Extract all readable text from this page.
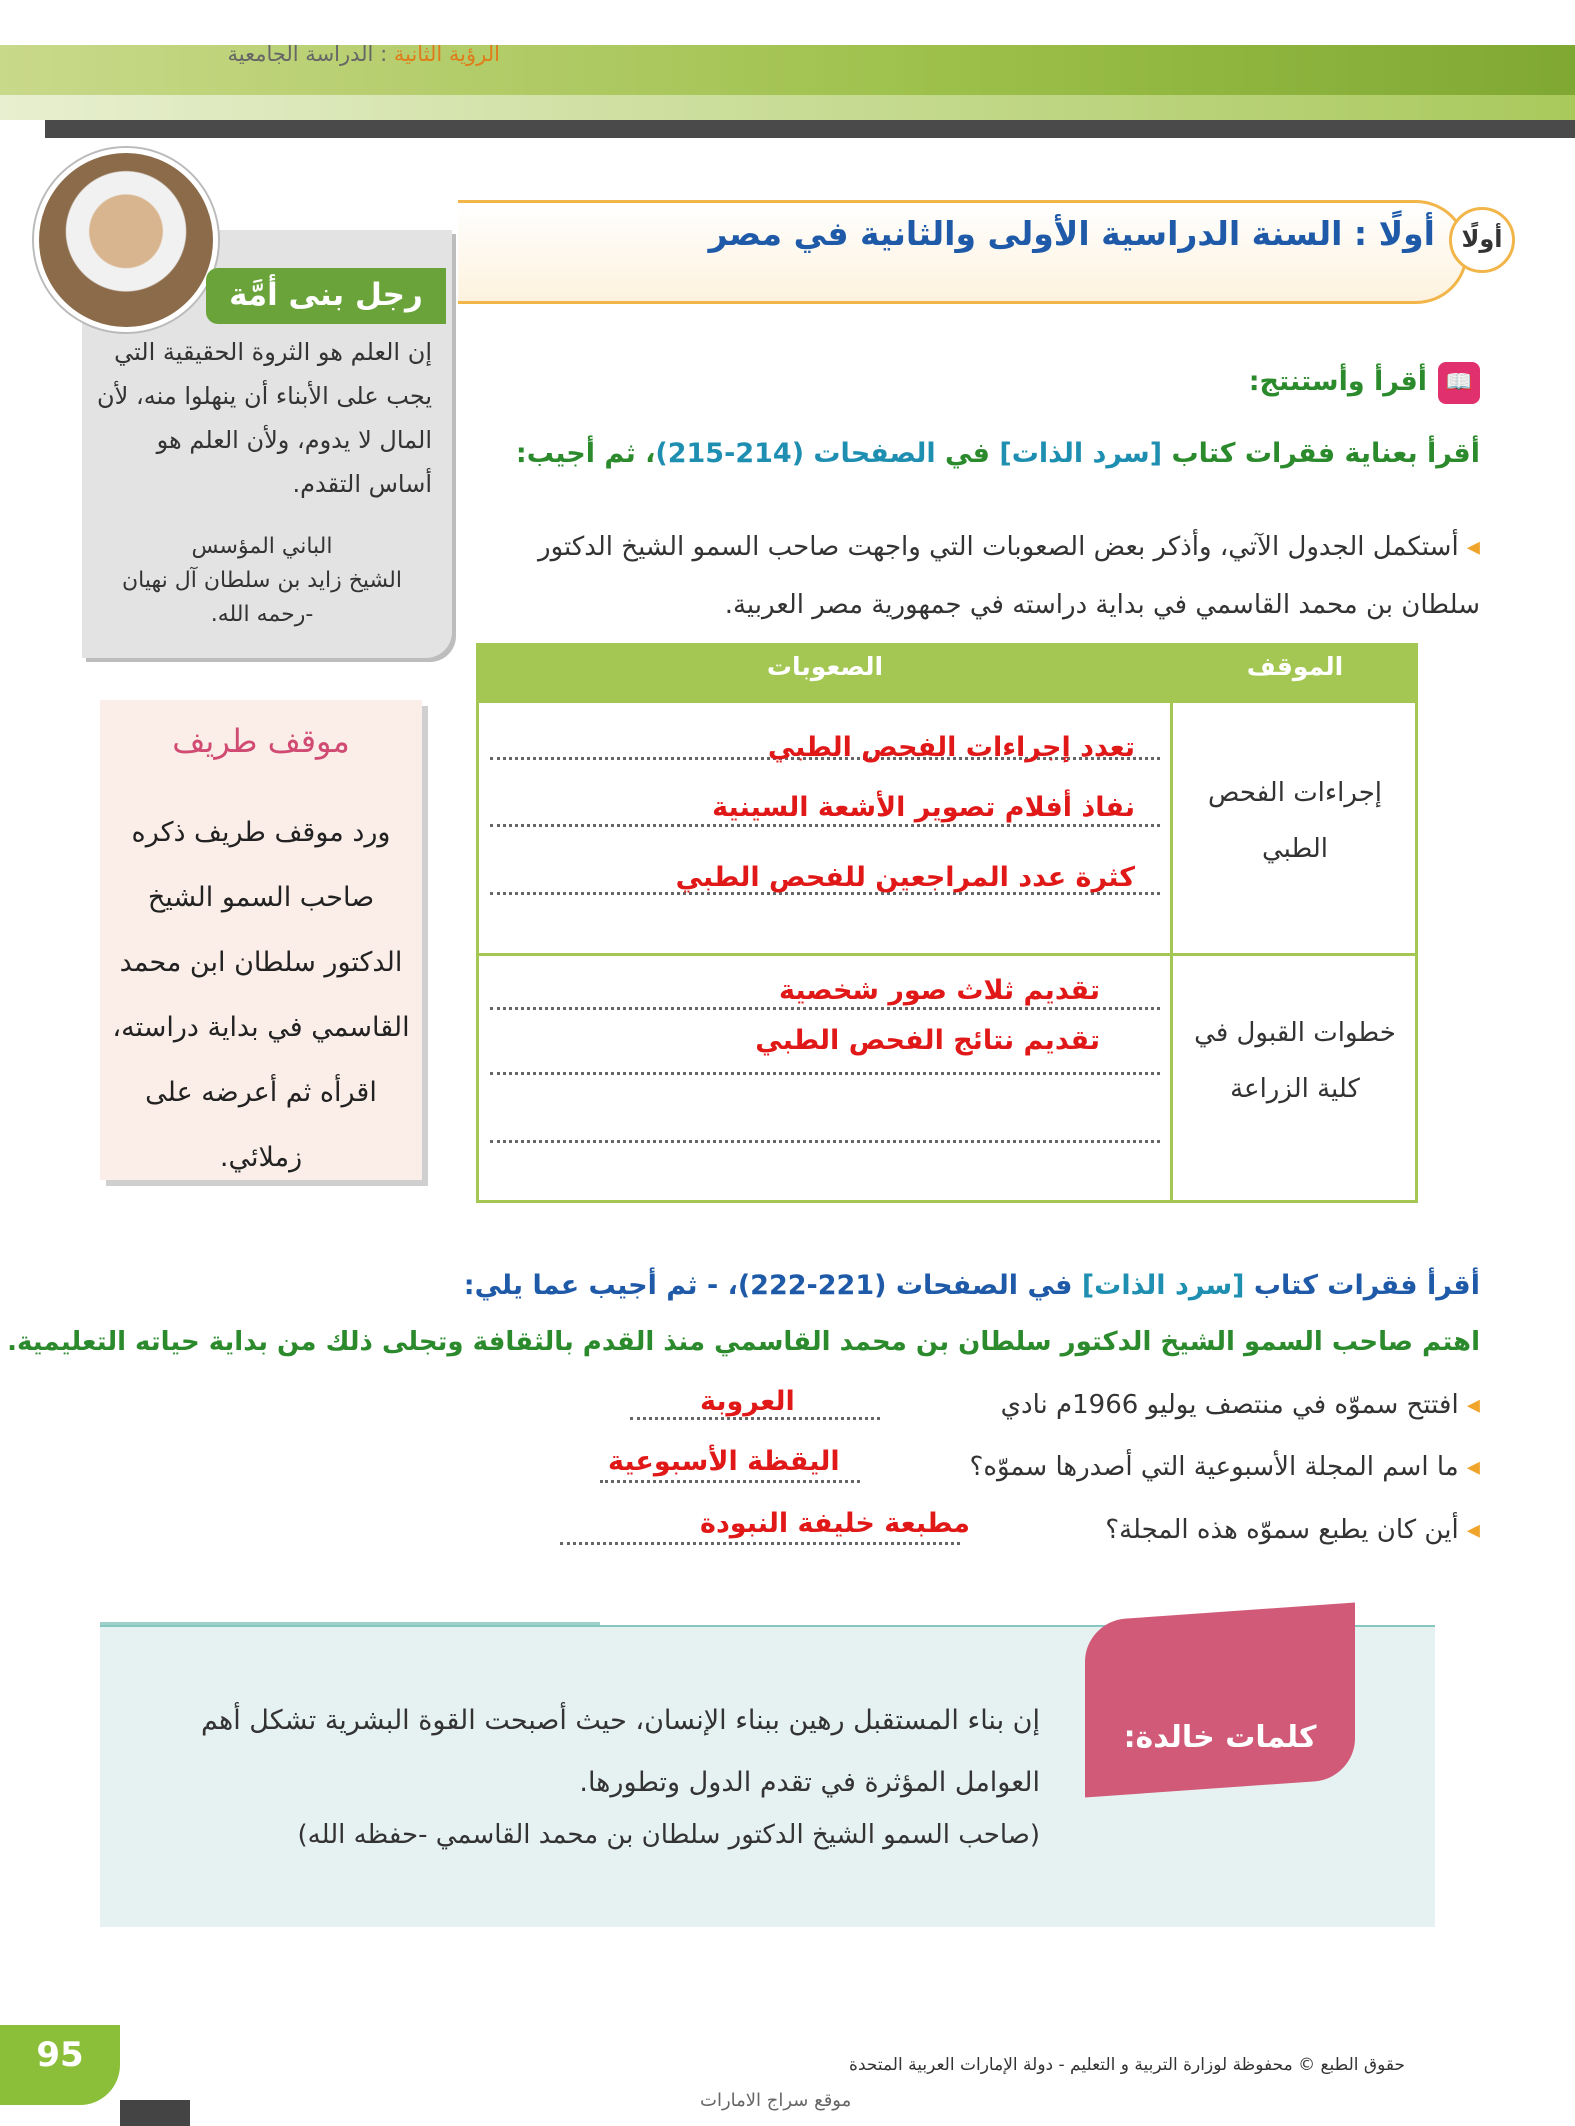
الرؤية الثانية : الدراسة الجامعية
أولًا
أولًا : السنة الدراسية الأولى والثانية في مصر
رجل بنى أمَّة
إن العلم هو الثروة الحقيقية التي يجب على الأبناء أن ينهلوا منه، لأن المال لا يدوم، ولأن العلم هو أساس التقدم.
الباني المؤسس
الشيخ زايد بن سلطان آل نهيان
-رحمه الله.
موقف طريف
ورد موقف طريف ذكره صاحب السمو الشيخ الدكتور سلطان ابن محمد القاسمي في بداية دراسته، اقرأه ثم أعرضه على زملائي.
📖
أقرأ وأستنتج:
أقرأ بعناية فقرات كتاب [سرد الذات] في الصفحات (214-215)، ثم أجيب:
◂ أستكمل الجدول الآتي، وأذكر بعض الصعوبات التي واجهت صاحب السمو الشيخ الدكتور سلطان بن محمد القاسمي في بداية دراسته في جمهورية مصر العربية.
الموقف
الصعوبات
إجراءات الفحص الطبي
تعدد إجراءات الفحص الطبي
نفاذ أفلام تصوير الأشعة السينية
كثرة عدد المراجعين للفحص الطبي
خطوات القبول في كلية الزراعة
تقديم ثلاث صور شخصية
تقديم نتائج الفحص الطبي
أقرأ فقرات كتاب [سرد الذات] في الصفحات (221-222)، - ثم أجيب عما يلي:
اهتم صاحب السمو الشيخ الدكتور سلطان بن محمد القاسمي منذ القدم بالثقافة وتجلى ذلك من بداية حياته التعليمية.
◂ افتتح سموّه في منتصف يوليو 1966م نادي
العروبة
◂ ما اسم المجلة الأسبوعية التي أصدرها سموّه؟
اليقظة الأسبوعية
◂ أين كان يطبع سموّه هذه المجلة؟
مطبعة خليفة النبودة
كلمات خالدة:
إن بناء المستقبل رهين ببناء الإنسان، حيث أصبحت القوة البشرية تشكل أهم العوامل المؤثرة في تقدم الدول وتطورها.
(صاحب السمو الشيخ الدكتور سلطان بن محمد القاسمي -حفظه الله)
95	حقوق الطبع © محفوظة لوزارة التربية و التعليم - دولة الإمارات العربية المتحدة
موقع سراج الامارات
